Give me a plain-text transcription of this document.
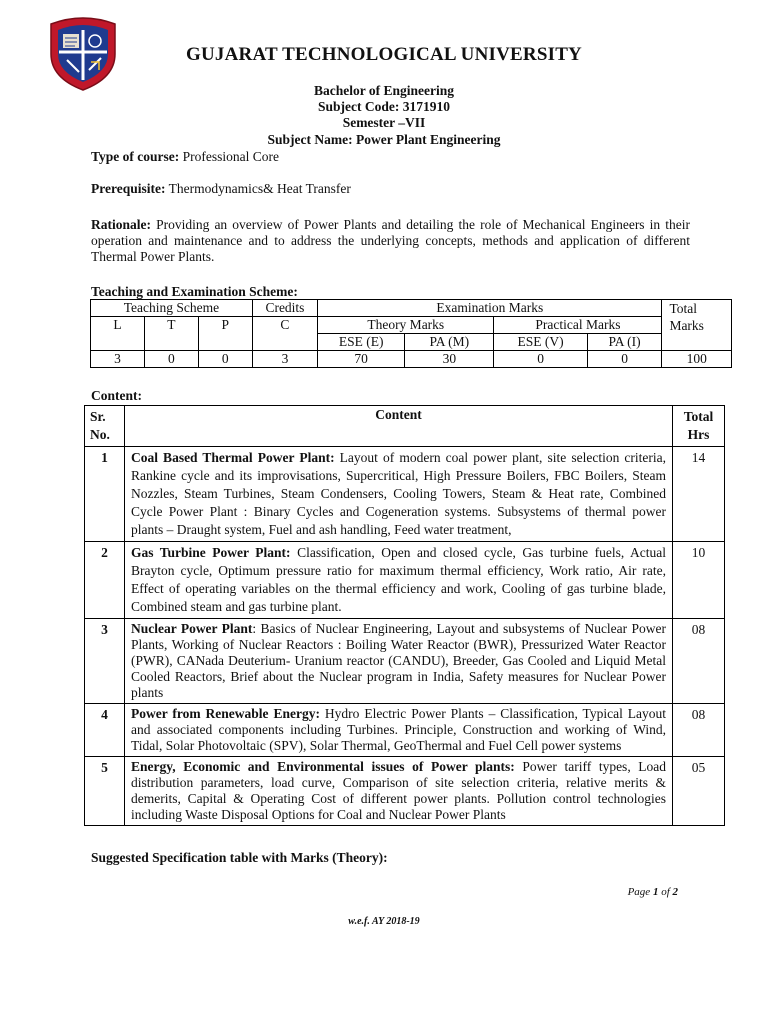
GUJARAT TECHNOLOGICAL UNIVERSITY
Bachelor of Engineering
Subject Code: 3171910
Semester –VII
Subject Name: Power Plant Engineering
Type of course: Professional Core
Prerequisite: Thermodynamics& Heat Transfer
Rationale: Providing an overview of Power Plants and detailing the role of Mechanical Engineers in their operation and maintenance and to address the underlying concepts, methods and application of different Thermal Power Plants.
Teaching and Examination Scheme:
Teaching Scheme			Credits	Examination Marks				Total Marks
L	T	P	C	Theory Marks		Practical Marks		
				ESE (E)	PA (M)	ESE (V)	PA (I)	
3	0	0	3	70	30	0	0	100
Content:
Sr. No.	Content	Total Hrs
1	Coal Based Thermal Power Plant: Layout of modern coal power plant, site selection criteria, Rankine cycle and its improvisations, Supercritical, High Pressure Boilers, FBC Boilers, Steam Nozzles, Steam Turbines, Steam Condensers, Cooling Towers, Steam & Heat rate, Combined Cycle Power Plant : Binary Cycles and Cogeneration systems. Subsystems of thermal power plants – Draught system, Fuel and ash handling, Feed water treatment,	14
2	Gas Turbine Power Plant: Classification, Open and closed cycle, Gas turbine fuels, Actual Brayton cycle, Optimum pressure ratio for maximum thermal efficiency, Work ratio, Air rate, Effect of operating variables on the thermal efficiency and work, Cooling of gas turbine blade, Combined steam and gas turbine plant.	10
3	Nuclear Power Plant: Basics of Nuclear Engineering, Layout and subsystems of Nuclear Power Plants, Working of Nuclear Reactors : Boiling Water Reactor (BWR), Pressurized Water Reactor (PWR), CANada Deuterium- Uranium reactor (CANDU), Breeder, Gas Cooled and Liquid Metal Cooled Reactors, Brief about the Nuclear program in India, Safety measures for Nuclear Power plants	08
4	Power from Renewable Energy: Hydro Electric Power Plants – Classification, Typical Layout and associated components including Turbines. Principle, Construction and working of Wind, Tidal, Solar Photovoltaic (SPV), Solar Thermal, GeoThermal and Fuel Cell power systems	08
5	Energy, Economic and Environmental issues of Power plants: Power tariff types, Load distribution parameters, load curve, Comparison of site selection criteria, relative merits & demerits, Capital & Operating Cost of different power plants. Pollution control technologies including Waste Disposal Options for Coal and Nuclear Power Plants	05
Suggested Specification table with Marks (Theory):
Page 1 of 2
w.e.f. AY 2018-19
